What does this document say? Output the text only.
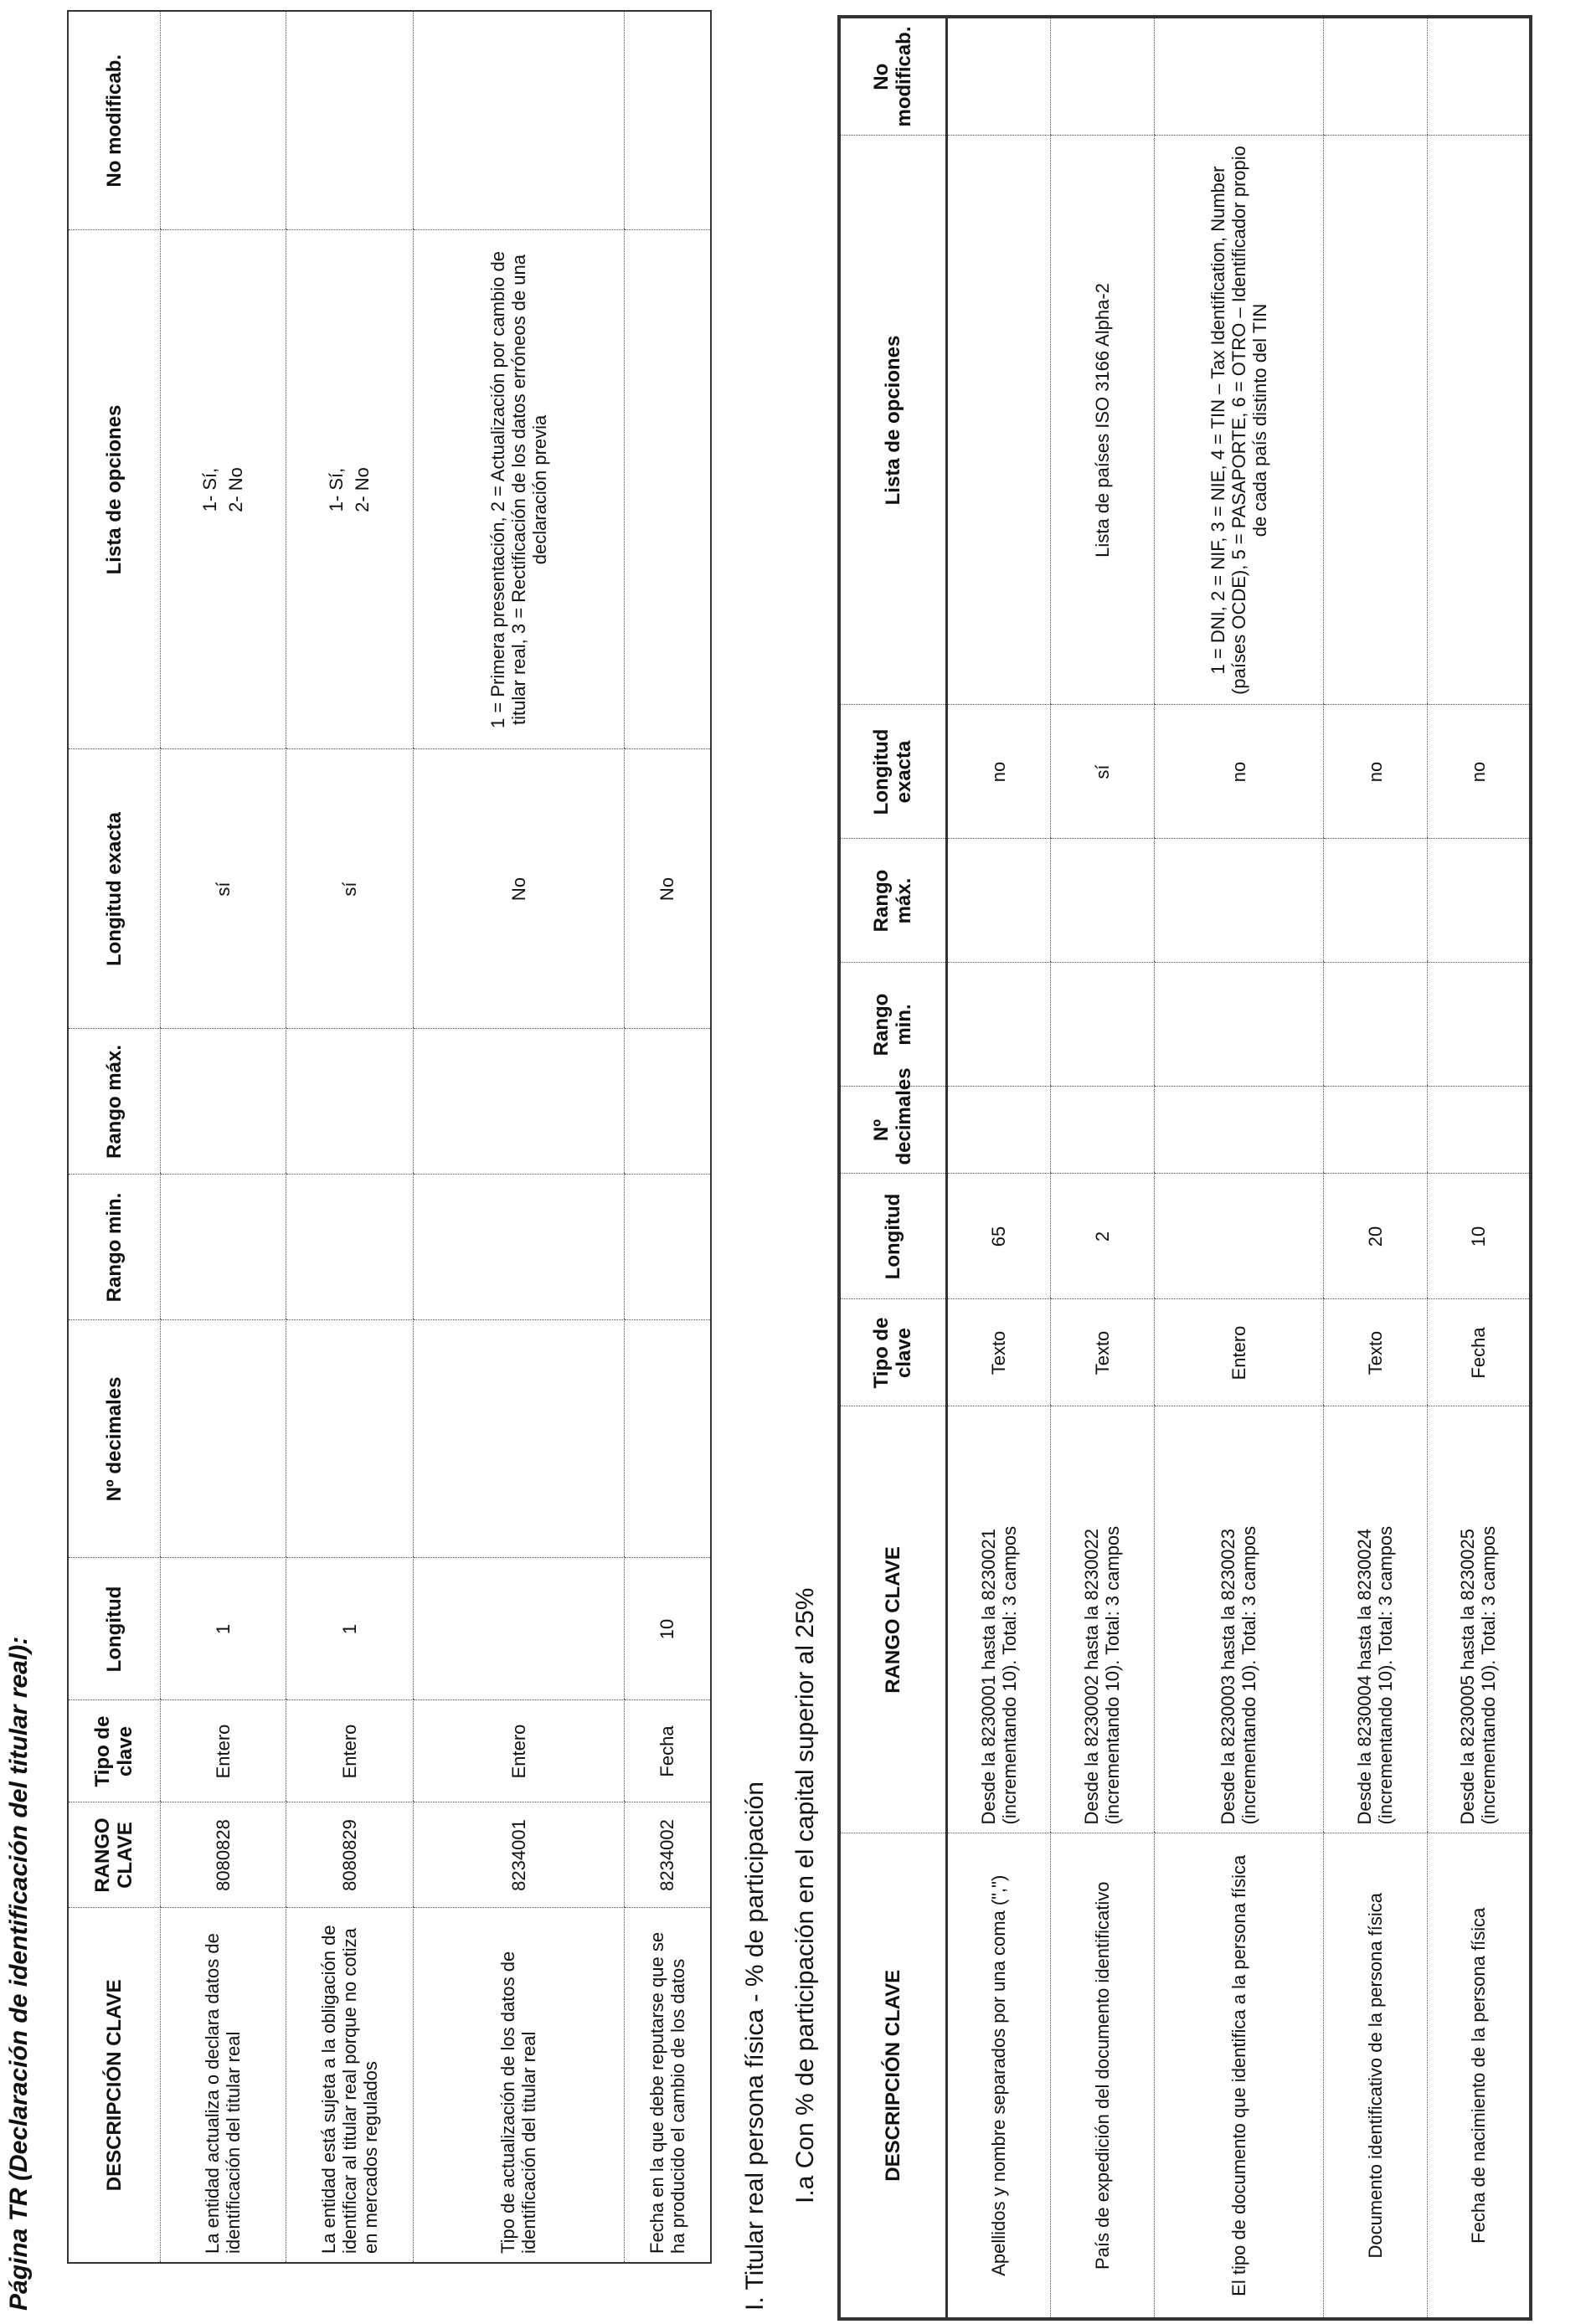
Página TR (Declaración de identificación del titular real):	DESCRIPCIÓN CLAVE	RANGO CLAVE	Tipo de clave	Longitud	Nº decimales	Rango min.	Rango máx.	Longitud exacta	Lista de opciones	No modificab.
La entidad actualiza o declara datos de identificación del titular real	8080828	Entero	1				sí	1- Sí, 2- No	

La entidad está sujeta a la obligación de identificar al titular real porque no cotiza en mercados regulados	8080829	Entero	1				sí	1- Sí, 2- No	

Tipo de actualización de los datos de identificación del titular real	8234001	Entero					No	1 = Primera presentación, 2 = Actualización por cambio de titular real, 3 = Rectificación de los datos erróneos de una declaración previa	
Fecha en la que debe reputarse que se ha producido el cambio de los datos	8234002	Fecha	10				No		
I. Titular real persona física - % de participación I.a Con % de participación en el capital superior al 25%	DESCRIPCIÓN CLAVE	RANGO CLAVE	Tipo de clave	Longitud	Nº decimales	Rango min.	Rango máx.	Longitud exacta	Lista de opciones	No modificab.
Apellidos y nombre separados por una coma (",")	Desde la 8230001 hasta la 8230021 (incrementando 10). Total: 3 campos	Texto	65				no		
País de expedición del documento identificativo	Desde la 8230002 hasta la 8230022 (incrementando 10). Total: 3 campos	Texto	2				sí	Lista de países ISO 3166 Alpha-2	
El tipo de documento que identifica a la persona física	Desde la 8230003 hasta la 8230023 (incrementando 10). Total: 3 campos	Entero					no	1 = DNI, 2 = NIF, 3 = NIE, 4 = TIN – Tax Identification, Number (países OCDE), 5 = PASAPORTE, 6 = OTRO – Identificador propio de cada país distinto del TIN	
Documento identificativo de la persona física	Desde la 8230004 hasta la 8230024 (incrementando 10). Total: 3 campos	Texto	20				no		
Fecha de nacimiento de la persona física	Desde la 8230005 hasta la 8230025 (incrementando 10). Total: 3 campos	Fecha	10				no		
